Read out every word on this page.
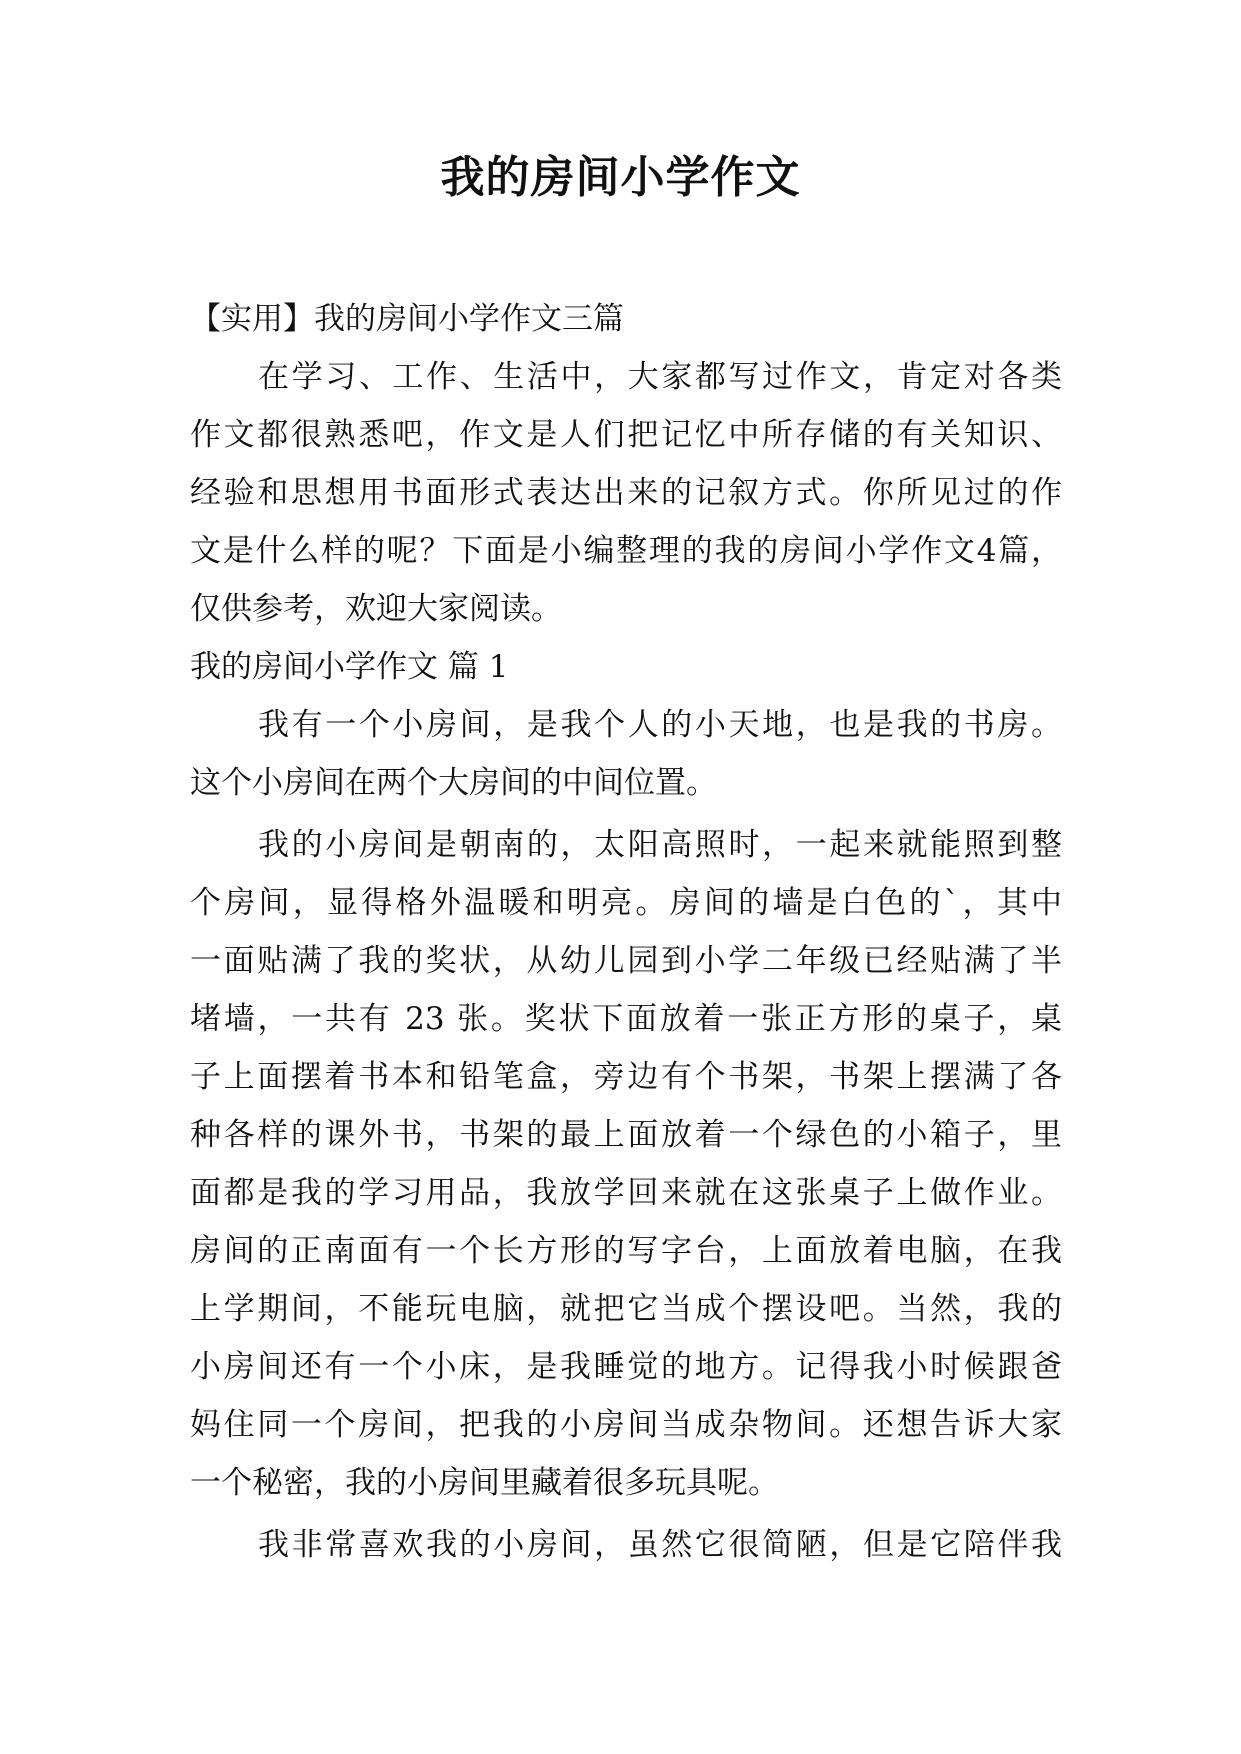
我的房间小学作文
【实用】我的房间小学作文三篇
在学习、工作、生活中，大家都写过作文，肯定对各类
作文都很熟悉吧，作文是人们把记忆中所存储的有关知识、
经验和思想用书面形式表达出来的记叙方式。你所见过的作
文是什么样的呢？下面是小编整理的我的房间小学作文4篇，
仅供参考，欢迎大家阅读。
我的房间小学作文 篇 1
我有一个小房间，是我个人的小天地，也是我的书房。
这个小房间在两个大房间的中间位置。
我的小房间是朝南的，太阳高照时，一起来就能照到整
个房间，显得格外温暖和明亮。房间的墙是白色的`，其中
一面贴满了我的奖状，从幼儿园到小学二年级已经贴满了半
堵墙，一共有 23 张。奖状下面放着一张正方形的桌子，桌
子上面摆着书本和铅笔盒，旁边有个书架，书架上摆满了各
种各样的课外书，书架的最上面放着一个绿色的小箱子，里
面都是我的学习用品，我放学回来就在这张桌子上做作业。
房间的正南面有一个长方形的写字台，上面放着电脑，在我
上学期间，不能玩电脑，就把它当成个摆设吧。当然，我的
小房间还有一个小床，是我睡觉的地方。记得我小时候跟爸
妈住同一个房间，把我的小房间当成杂物间。还想告诉大家
一个秘密，我的小房间里藏着很多玩具呢。
我非常喜欢我的小房间，虽然它很简陋，但是它陪伴我
